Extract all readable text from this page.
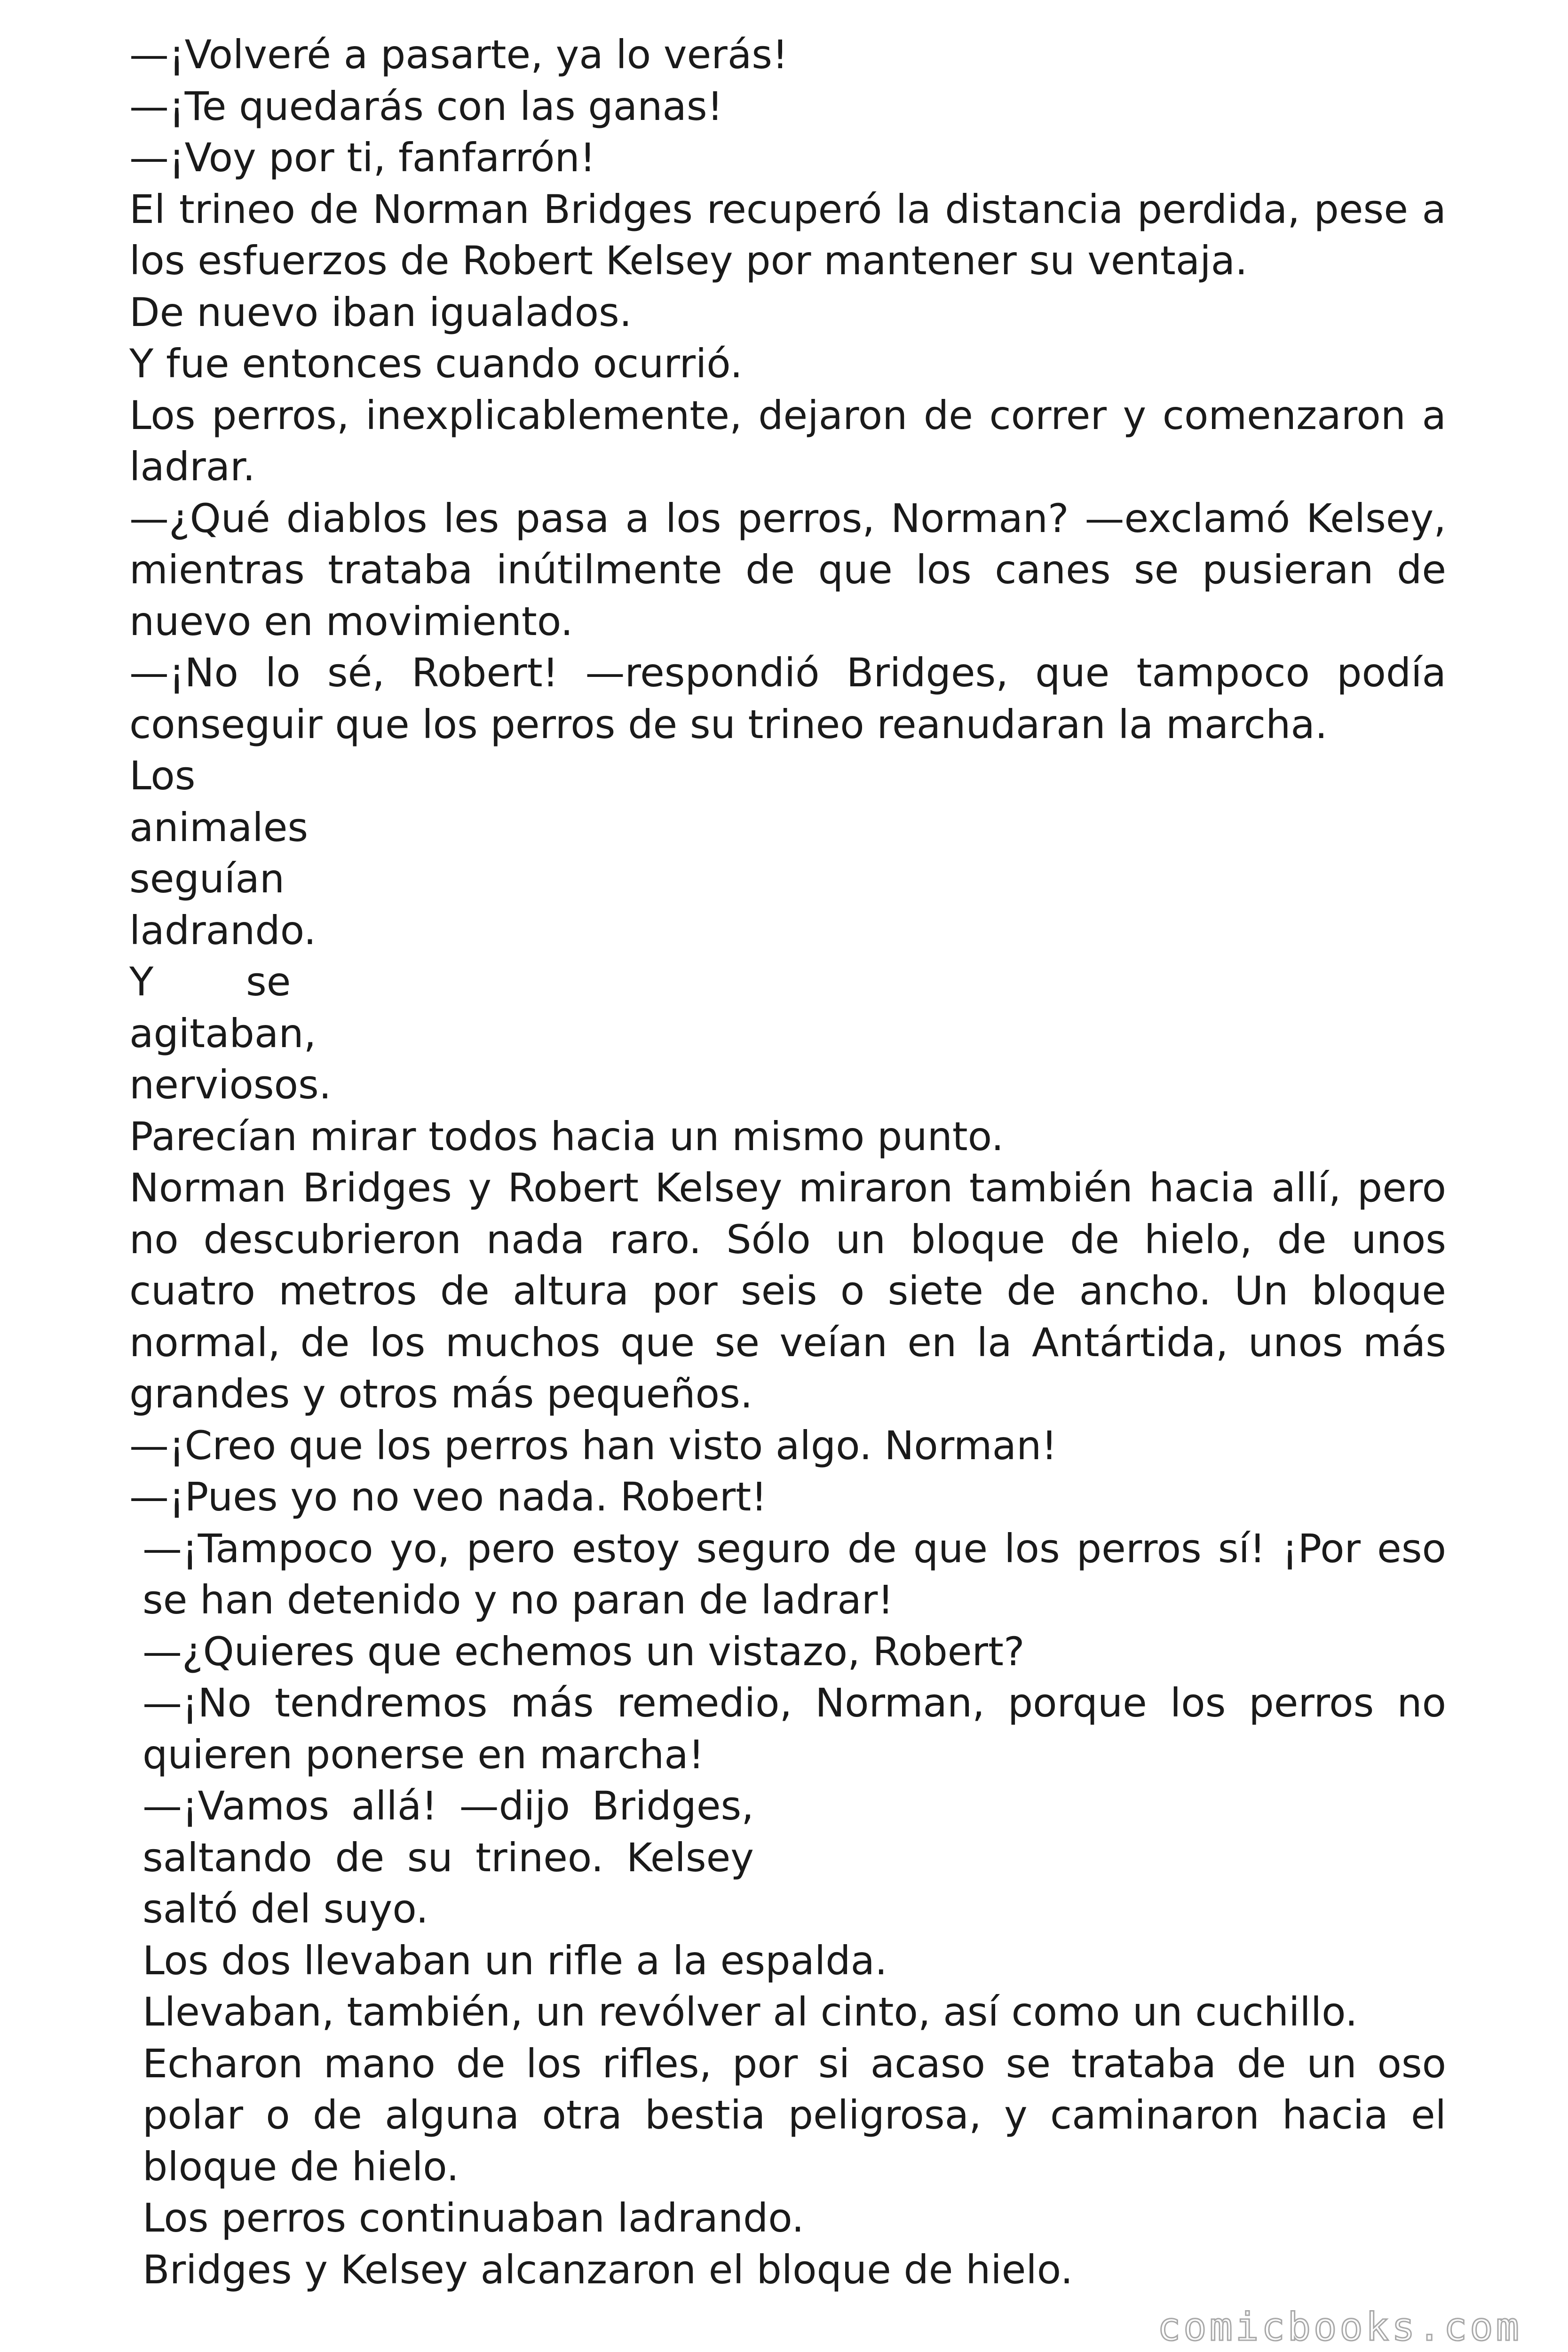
—¡Volveré a pasarte, ya lo verás!

—¡Te quedarás con las ganas!

—¡Voy por ti, fanfarrón!

El trineo de Norman Bridges recuperó la distancia perdida, pese a los esfuerzos de Robert Kelsey por mantener su ventaja.

De nuevo iban igualados.

Y fue entonces cuando ocurrió.

Los perros, inexplicablemente, dejaron de correr y comenzaron a ladrar.

—¿Qué diablos les pasa a los perros, Norman? —exclamó Kelsey, mientras trataba inútilmente de que los canes se pusieran de nuevo en movimiento.

—¡No lo sé, Robert! —respondió Bridges, que tampoco podía conseguir que los perros de su trineo reanudaran la marcha.

Los
animales
seguían
ladrando.
Y se
agitaban,
nerviosos.

Parecían mirar todos hacia un mismo punto.

Norman Bridges y Robert Kelsey miraron también hacia allí, pero no descubrieron nada raro. Sólo un bloque de hielo, de unos cuatro metros de altura por seis o siete de ancho. Un bloque normal, de los muchos que se veían en la Antártida, unos más grandes y otros más pequeños.

—¡Creo que los perros han visto algo. Norman!

—¡Pues yo no veo nada. Robert!

—¡Tampoco yo, pero estoy seguro de que los perros sí! ¡Por eso se han detenido y no paran de ladrar!

—¿Quieres que echemos un vistazo, Robert?

—¡No tendremos más remedio, Norman, porque los perros no quieren ponerse en marcha!

—¡Vamos allá! —dijo Bridges, saltando de su trineo. Kelsey saltó del suyo.

Los dos llevaban un rifle a la espalda.

Llevaban, también, un revólver al cinto, así como un cuchillo.

Echaron mano de los rifles, por si acaso se trataba de un oso polar o de alguna otra bestia peligrosa, y caminaron hacia el bloque de hielo.

Los perros continuaban ladrando.

Bridges y Kelsey alcanzaron el bloque de hielo.

comicbooks.com
